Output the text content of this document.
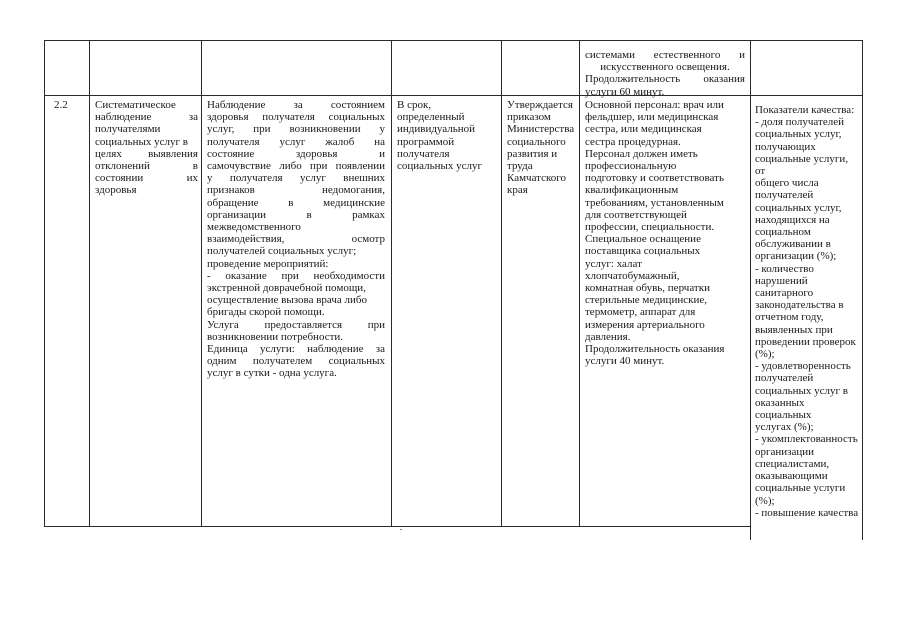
системами естественного и
искусственного освещения.
Продолжительность оказания
услуги 60 минут.
2.2 Систематическое
наблюдение за
получателями
социальных услуг в
целях выявления
отклонений в
состоянии их
здоровья
Наблюдение за состоянием
здоровья получателя социальных
услуг, при возникновении у
получателя услуг жалоб на
состояние здоровья и
самочувствие либо при появлении
у получателя услуг внешних
признаков недомогания,
обращение в медицинские
организации в рамках
межведомственного
взаимодействия, осмотр
получателей социальных услуг;
проведение мероприятий:
- оказание при необходимости
экстренной доврачебной помощи,
осуществление вызова врача либо
бригады скорой помощи.
Услуга предоставляется при
возникновении потребности.
Единица услуги: наблюдение за
одним получателем социальных
услуг в сутки - одна услуга.
В срок,
определенный
индивидуальной
программой
получателя
социальных услуг
Утверждается
приказом
Министерства
социального
развития и
труда
Камчатского
края
Основной персонал: врач или
фельдшер, или медицинская
сестра, или медицинская
сестра процедурная.
Персонал должен иметь
профессиональную
подготовку и соответствовать
квалификационным
требованиям, установленным
для соответствующей
профессии, специальности.
Специальное оснащение
поставщика социальных
услуг: халат
хлопчатобумажный,
комнатная обувь, перчатки
стерильные медицинские,
термометр, аппарат для
измерения артериального
давления.
Продолжительность оказания
услуги 40 минут.
Показатели качества:
- доля получателей
социальных услуг,
получающих
социальные услуги, от
общего числа
получателей
социальных услуг,
находящихся на
социальном
обслуживании в
организации (%);
- количество
нарушений
санитарного
законодательства в
отчетном году,
выявленных при
проведении проверок
(%);
- удовлетворенность
получателей
социальных услуг в
оказанных социальных
услугах (%);
- укомплектованность
организации
специалистами,
оказывающими
социальные услуги
(%);
- повышение качества
